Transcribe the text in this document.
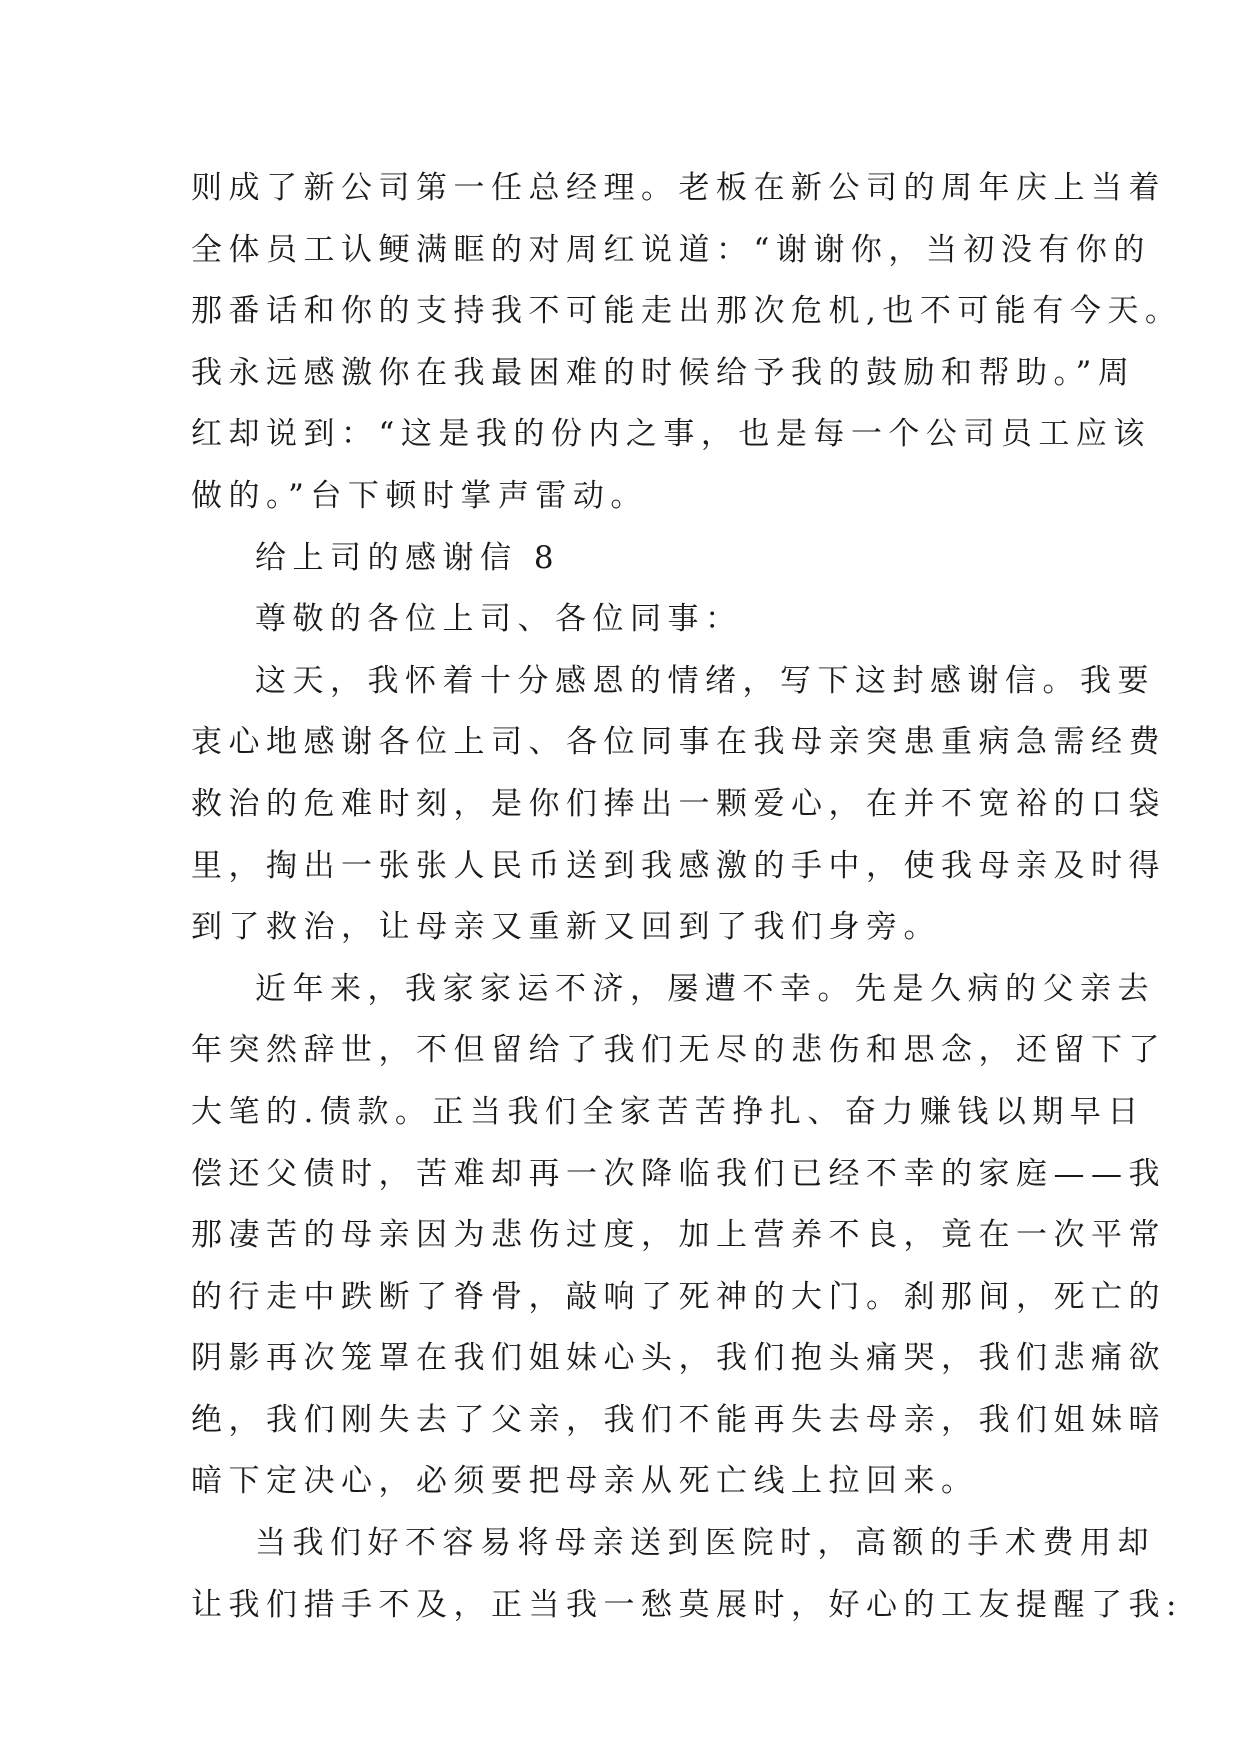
则成了新公司第一任总经理。老板在新公司的周年庆上当着
全体员工认鲠满眶的对周红说道：“谢谢你，当初没有你的
那番话和你的支持我不可能走出那次危机,也不可能有今天。
我永远感激你在我最困难的时候给予我的鼓励和帮助。”周
红却说到：“这是我的份内之事，也是每一个公司员工应该
做的。”台下顿时掌声雷动。
给上司的感谢信 8
尊敬的各位上司、各位同事：
这天，我怀着十分感恩的情绪，写下这封感谢信。我要
衷心地感谢各位上司、各位同事在我母亲突患重病急需经费
救治的危难时刻，是你们捧出一颗爱心，在并不宽裕的口袋
里，掏出一张张人民币送到我感激的手中，使我母亲及时得
到了救治，让母亲又重新又回到了我们身旁。
近年来，我家家运不济，屡遭不幸。先是久病的父亲去
年突然辞世，不但留给了我们无尽的悲伤和思念，还留下了
大笔的.债款。正当我们全家苦苦挣扎、奋力赚钱以期早日
偿还父债时，苦难却再一次降临我们已经不幸的家庭——我
那凄苦的母亲因为悲伤过度，加上营养不良，竟在一次平常
的行走中跌断了脊骨，敲响了死神的大门。刹那间，死亡的
阴影再次笼罩在我们姐妹心头，我们抱头痛哭，我们悲痛欲
绝，我们刚失去了父亲，我们不能再失去母亲，我们姐妹暗
暗下定决心，必须要把母亲从死亡线上拉回来。
当我们好不容易将母亲送到医院时，高额的手术费用却
让我们措手不及，正当我一愁莫展时，好心的工友提醒了我:
